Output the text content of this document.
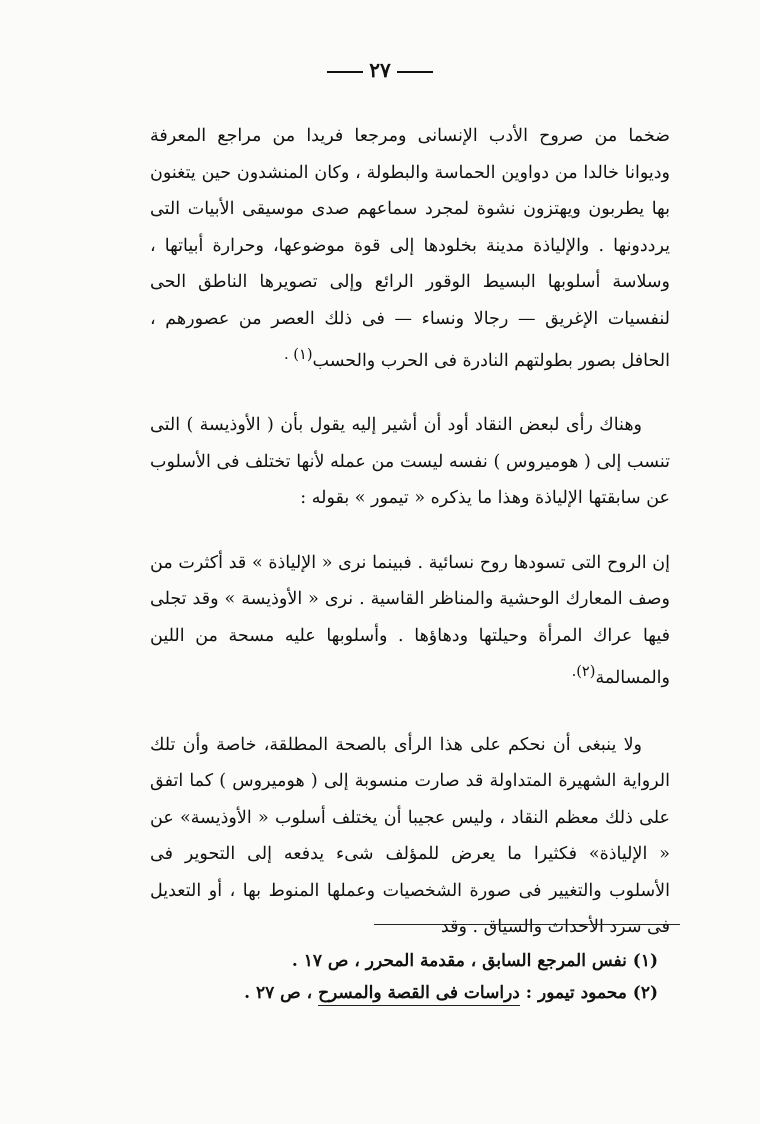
٢٧

ضخما من صروح الأدب الإنسانى ومرجعا فريدا من مراجع المعرفة وديوانا خالدا من دواوين الحماسة والبطولة ، وكان المنشدون حين يتغنون بها يطربون ويهتزون نشوة لمجرد سماعهم صدى موسيقى الأبيات التى يرددونها . والإلياذة مدينة بخلودها إلى قوة موضوعها، وحرارة أبياتها ، وسلاسة أسلوبها البسيط الوقور الرائع وإلى تصويرها الناطق الحى لنفسيات الإغريق — رجالا ونساء — فى ذلك العصر من عصورهم ، الحافل بصور بطولتهم النادرة فى الحرب والحسب$^{(١) .}$

وهناك رأى لبعض النقاد أود أن أشير إليه يقول بأن ( الأوذيسة ) التى تنسب إلى ( هوميروس ) نفسه ليست من عمله لأنها تختلف فى الأسلوب عن سابقتها الإلياذة وهذا ما يذكره « تيمور » بقوله :

إن الروح التى تسودها روح نسائية . فبينما نرى « الإلياذة » قد أكثرت من وصف المعارك الوحشية والمناظر القاسية . نرى « الأوذيسة » وقد تجلى فيها عراك المرأة وحيلتها ودهاؤها . وأسلوبها عليه مسحة من اللين والمسالمة$^{(٢).}$

ولا ينبغى أن نحكم على هذا الرأى بالصحة المطلقة، خاصة وأن تلك الرواية الشهيرة المتداولة قد صارت منسوبة إلى ( هوميروس ) كما اتفق على ذلك معظم النقاد ، وليس عجيبا أن يختلف أسلوب « الأوذيسة» عن « الإلياذة» فكثيرا ما يعرض للمؤلف شىء يدفعه إلى التحوير فى الأسلوب والتغيير فى صورة الشخصيات وعملها المنوط بها ، أو التعديل فى سرد الأحداث والسياق . وقد

(١) نفس المرجع السابق ، مقدمة المحرر ، ص ١٧ .
(٢) محمود تيمور : دراسات فى القصة والمسرح ، ص ٢٧ .
